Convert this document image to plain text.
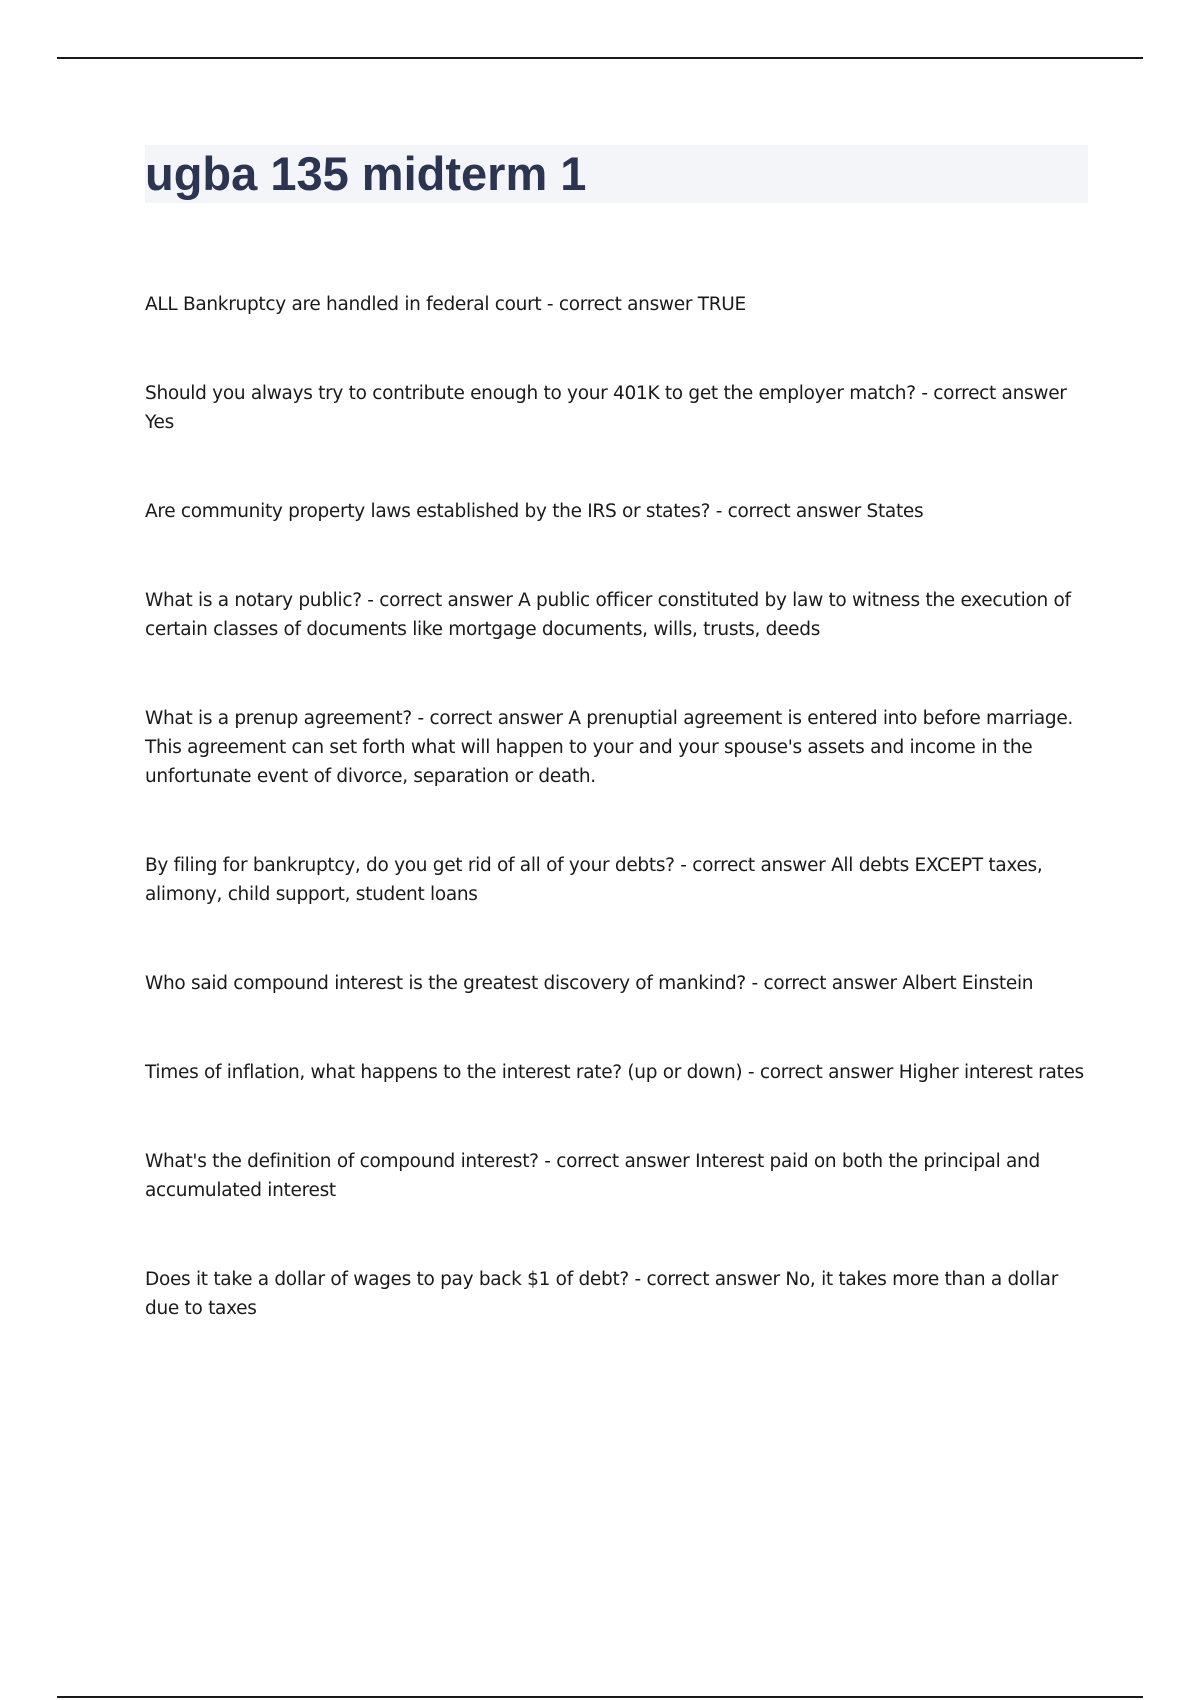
ugba 135 midterm 1
ALL Bankruptcy are handled in federal court - correct answer TRUE
Should you always try to contribute enough to your 401K to get the employer match? - correct answer Yes
Are community property laws established by the IRS or states? - correct answer States
What is a notary public? - correct answer A public officer constituted by law to witness the execution of certain classes of documents like mortgage documents, wills, trusts, deeds
What is a prenup agreement? - correct answer A prenuptial agreement is entered into before marriage. This agreement can set forth what will happen to your and your spouse's assets and income in the unfortunate event of divorce, separation or death.
By filing for bankruptcy, do you get rid of all of your debts? - correct answer All debts EXCEPT taxes, alimony, child support, student loans
Who said compound interest is the greatest discovery of mankind? - correct answer Albert Einstein
Times of inflation, what happens to the interest rate? (up or down) - correct answer Higher interest rates
What's the definition of compound interest? - correct answer Interest paid on both the principal and accumulated interest
Does it take a dollar of wages to pay back $1 of debt? - correct answer No, it takes more than a dollar due to taxes
